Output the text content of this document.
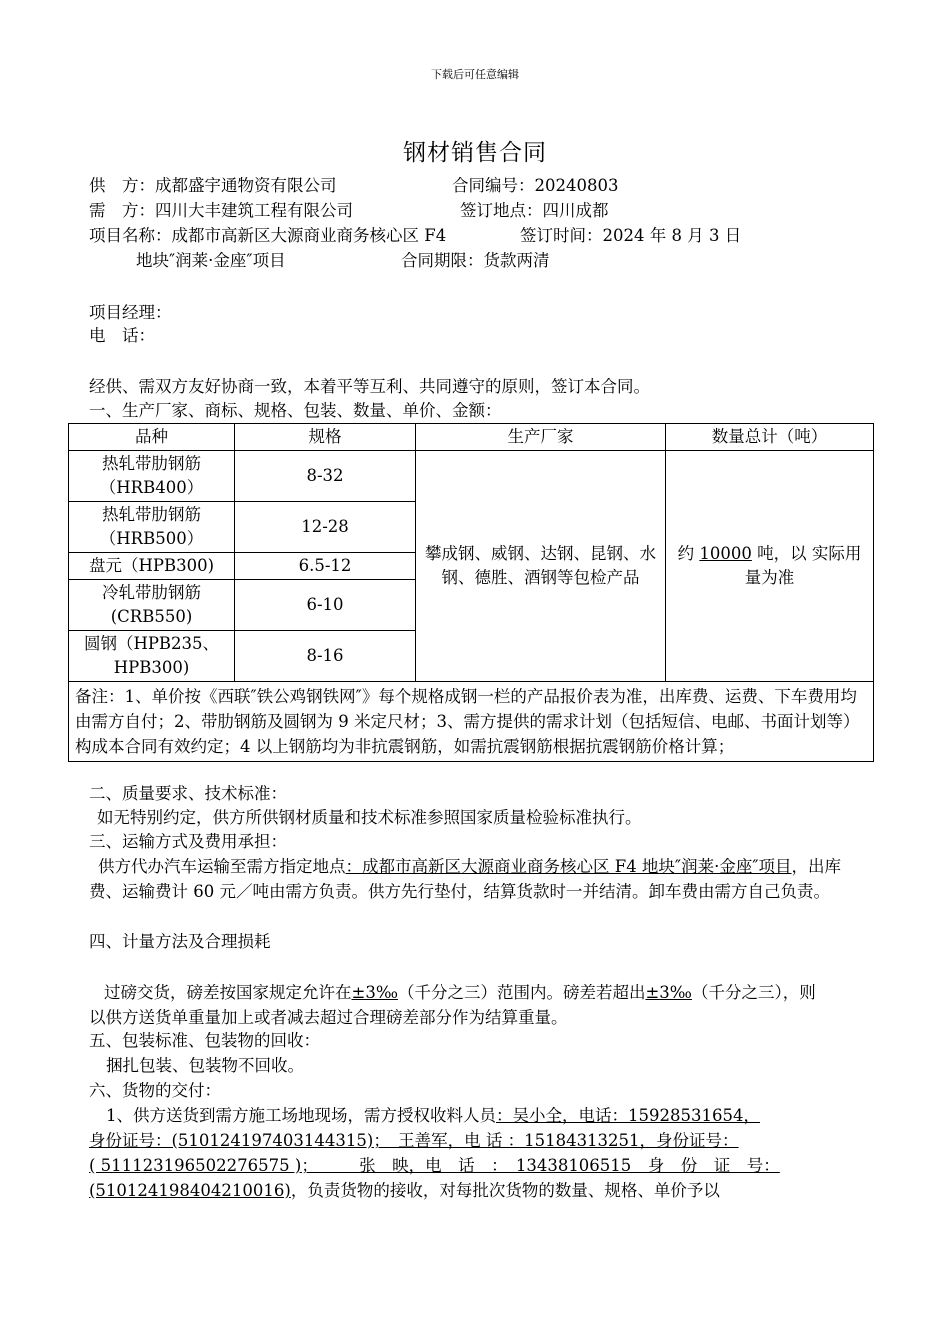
下载后可任意编辑
钢材销售合同
供　方：成都盛宇通物资有限公司	合同编号：20240803
需　方：四川大丰建筑工程有限公司	签订地点：四川成都
项目名称：成都市高新区大源商业商务核心区 F4	签订时间：2024 年 8 月 3 日
地块″润莱·金座″项目	合同期限：货款两清
项目经理：
电　话：
经供、需双方友好协商一致，本着平等互利、共同遵守的原则，签订本合同。
一、生产厂家、商标、规格、包装、数量、单价、金额：
品种	规格	生产厂家	数量总计（吨）
热轧带肋钢筋（HRB400）	8-32	攀成钢、威钢、达钢、昆钢、水钢、德胜、酒钢等包检产品	约 10000 吨，以 实际用量为准
热轧带肋钢筋（HRB500）	12-28		
盘元（HPB300)	6.5-12		
冷轧带肋钢筋(CRB550)	6-10		
圆钢（HPB235、HPB300)	8-16		
备注：1、单价按《西联″铁公鸡钢铁网″》每个规格成钢一栏的产品报价表为准，出库费、运费、下车费用均由需方自付；2、带肋钢筋及圆钢为 9 米定尺材；3、需方提供的需求计划（包括短信、电邮、书面计划等）构成本合同有效约定；4 以上钢筋均为非抗震钢筋，如需抗震钢筋根据抗震钢筋价格计算；			
二、质量要求、技术标准：
如无特别约定，供方所供钢材质量和技术标准参照国家质量检验标准执行。
三、运输方式及费用承担：
供方代办汽车运输至需方指定地点：成都市高新区大源商业商务核心区 F4 地块″润莱·金座″项目，出库费、运输费计 60 元／吨由需方负责。供方先行垫付，结算货款时一并结清。卸车费由需方自己负责。
四、计量方法及合理损耗
过磅交货，磅差按国家规定允许在±3‰（千分之三）范围内。磅差若超出±3‰（千分之三），则以供方送货单重量加上或者减去超过合理磅差部分作为结算重量。
五、包装标准、包装物的回收：
捆扎包装、包装物不回收。
六、货物的交付：
1、供方送货到需方施工场地现场，需方授权收料人员：吴小全，电话：15928531654，
身份证号：(510124197403144315)；　王善军，电 话 ：15184313251，身份证号：
( 511123196502276575 )；　　　张　映，电　话　：　13438106515　身　份　证　号：
(510124198404210016)，负责货物的接收，对每批次货物的数量、规格、单价予以
